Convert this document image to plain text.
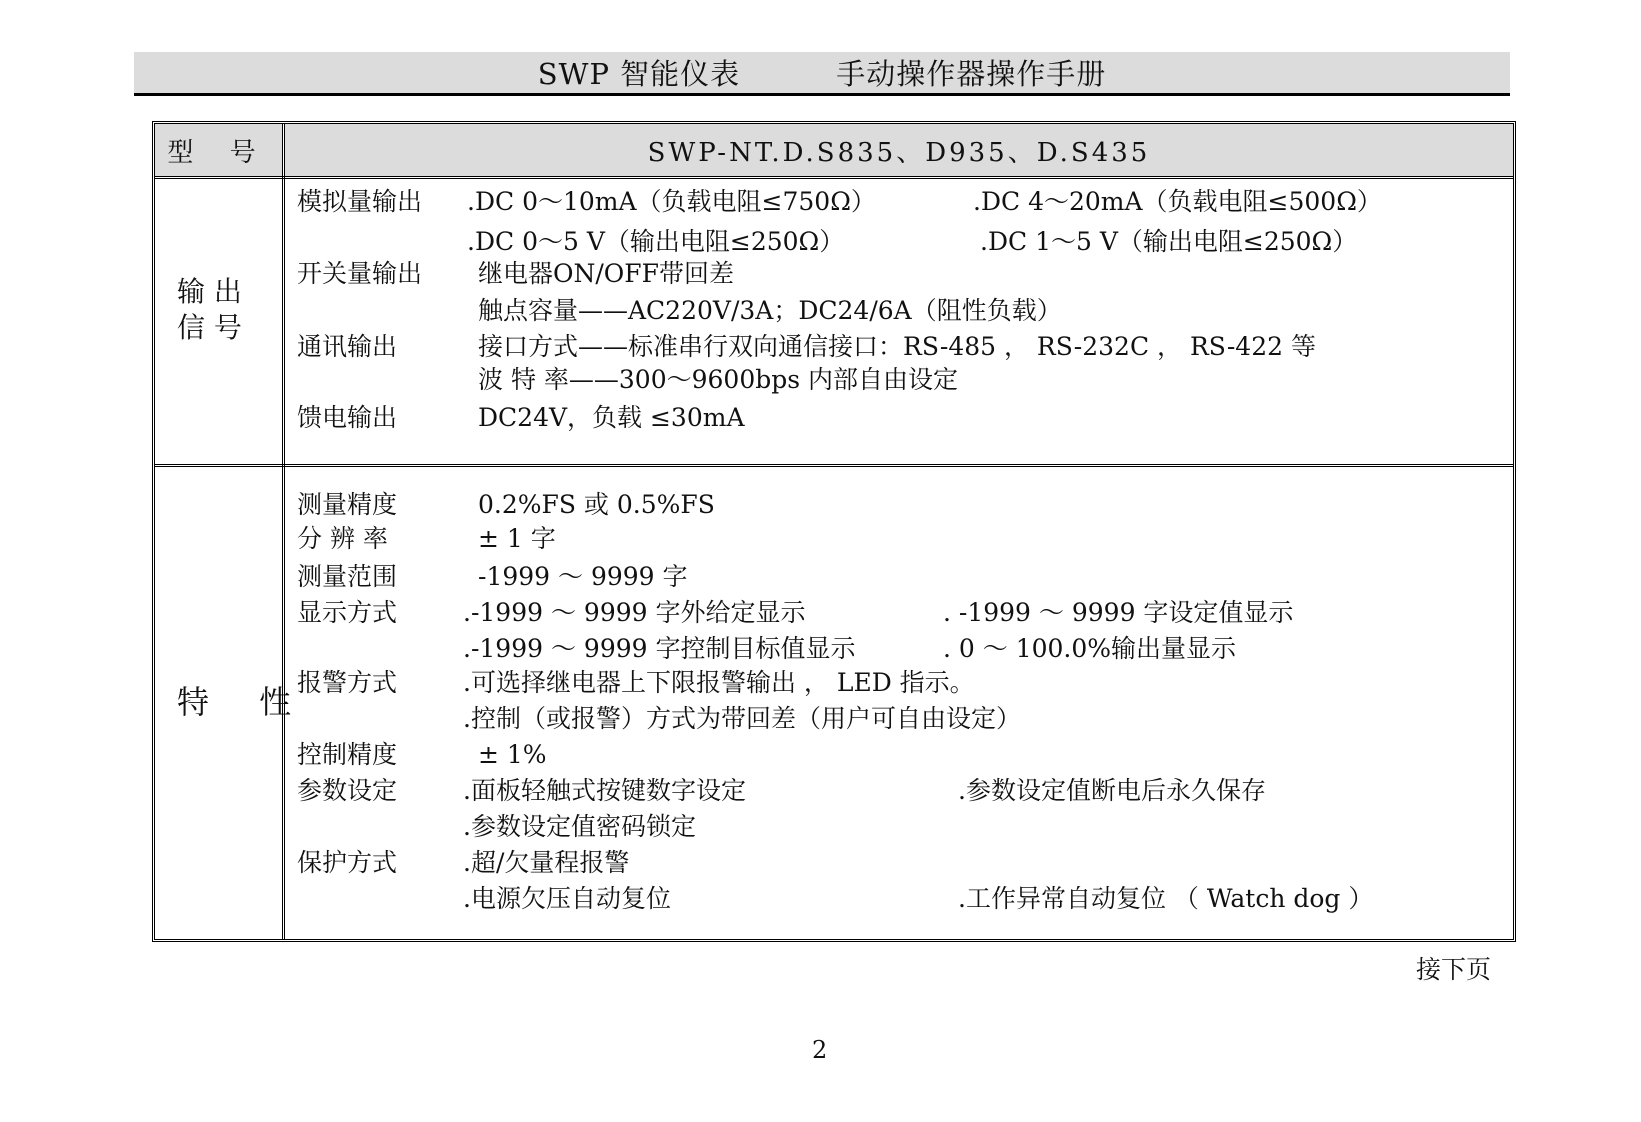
SWP 智能仪表	手动操作器操作手册
型 号	SWP-NT.D.S835、D935、D.S435
输 出
信 号
模拟量输出 .DC 0～10mA（负载电阻≤750Ω）	.DC 4～20mA（负载电阻≤500Ω）
.DC 0～5 V（输出电阻≤250Ω）	.DC 1～5 V（输出电阻≤250Ω）
开关量输出 继电器ON/OFF带回差
触点容量——AC220V/3A；DC24/6A（阻性负载）
通讯输出	接口方式——标准串行双向通信接口：RS-485 ， RS-232C ， RS-422 等
波 特 率——300～9600bps 内部自由设定
馈电输出	DC24V，负载 ≤30mA
特 性
测量精度	0.2%FS 或 0.5%FS
分 辨 率	± 1 字
测量范围	-1999 ～ 9999 字
显示方式	.-1999 ～ 9999 字外给定显示	. -1999 ～ 9999 字设定值显示
.-1999 ～ 9999 字控制目标值显示	. 0 ～ 100.0%输出量显示
报警方式	.可选择继电器上下限报警输出 ， LED 指示。
.控制（或报警）方式为带回差（用户可自由设定）
控制精度	± 1%
参数设定	.面板轻触式按键数字设定	.参数设定值断电后永久保存
.参数设定值密码锁定
保护方式	.超/欠量程报警
.电源欠压自动复位	.工作异常自动复位 （ Watch dog ）
接下页
2
